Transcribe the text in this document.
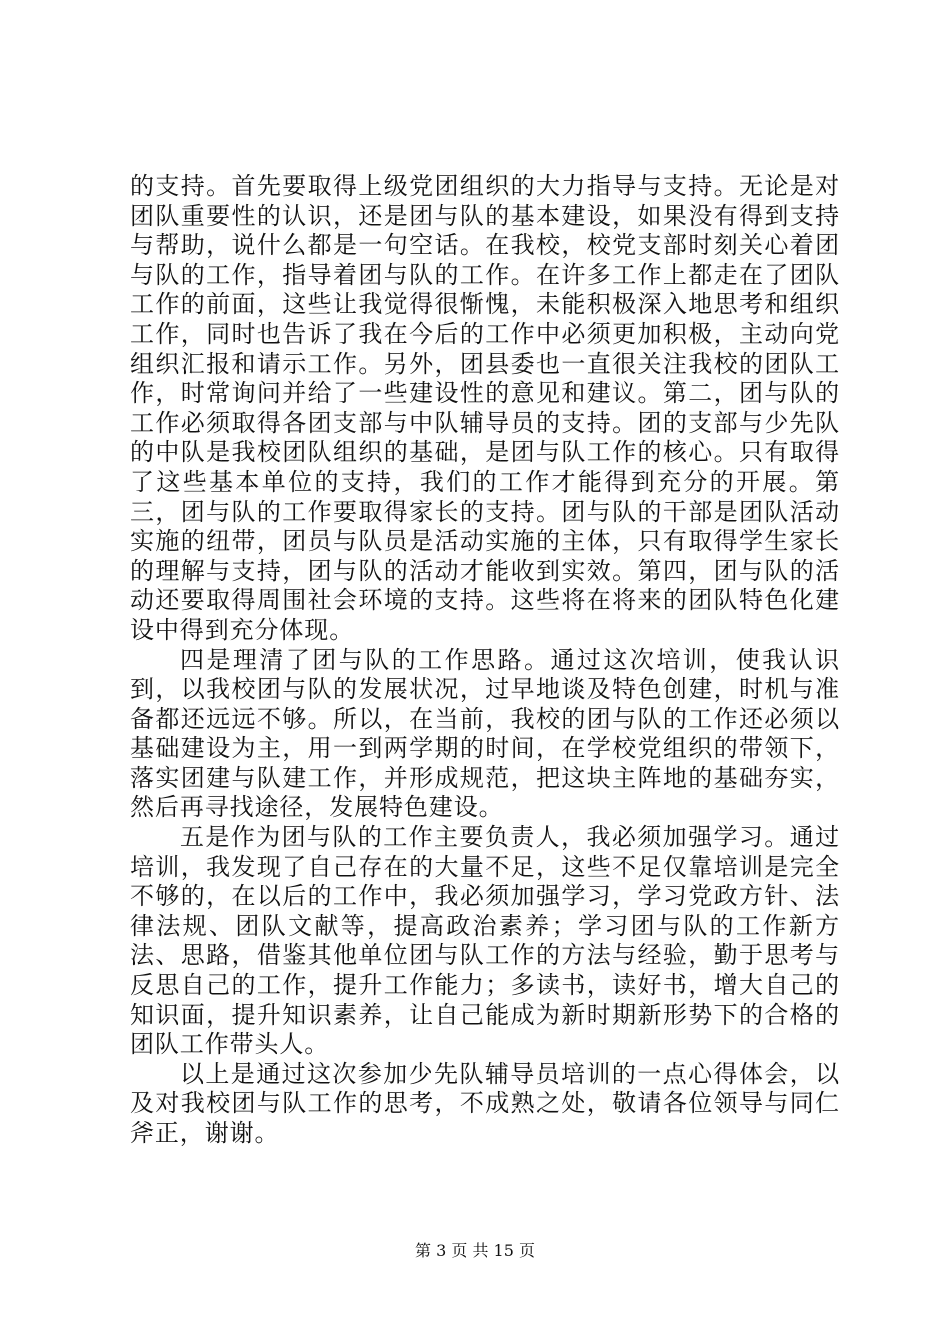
的支持。首先要取得上级党团组织的大力指导与支持。无论是对团队重要性的认识，还是团与队的基本建设，如果没有得到支持与帮助，说什么都是一句空话。在我校，校党支部时刻关心着团与队的工作，指导着团与队的工作。在许多工作上都走在了团队工作的前面，这些让我觉得很惭愧，未能积极深入地思考和组织工作，同时也告诉了我在今后的工作中必须更加积极，主动向党组织汇报和请示工作。另外，团县委也一直很关注我校的团队工作，时常询问并给了一些建设性的意见和建议。第二，团与队的工作必须取得各团支部与中队辅导员的支持。团的支部与少先队的中队是我校团队组织的基础，是团与队工作的核心。只有取得了这些基本单位的支持，我们的工作才能得到充分的开展。第三，团与队的工作要取得家长的支持。团与队的干部是团队活动实施的纽带，团员与队员是活动实施的主体，只有取得学生家长的理解与支持，团与队的活动才能收到实效。第四，团与队的活动还要取得周围社会环境的支持。这些将在将来的团队特色化建设中得到充分体现。

四是理清了团与队的工作思路。通过这次培训，使我认识到，以我校团与队的发展状况，过早地谈及特色创建，时机与准备都还远远不够。所以，在当前，我校的团与队的工作还必须以基础建设为主，用一到两学期的时间，在学校党组织的带领下，落实团建与队建工作，并形成规范，把这块主阵地的基础夯实，然后再寻找途径，发展特色建设。

五是作为团与队的工作主要负责人，我必须加强学习。通过培训，我发现了自己存在的大量不足，这些不足仅靠培训是完全不够的，在以后的工作中，我必须加强学习，学习党政方针、法律法规、团队文献等，提高政治素养；学习团与队的工作新方法、思路，借鉴其他单位团与队工作的方法与经验，勤于思考与反思自己的工作，提升工作能力；多读书，读好书，增大自己的知识面，提升知识素养，让自己能成为新时期新形势下的合格的团队工作带头人。

以上是通过这次参加少先队辅导员培训的一点心得体会，以及对我校团与队工作的思考，不成熟之处，敬请各位领导与同仁斧正，谢谢。

第 3 页 共 15 页
